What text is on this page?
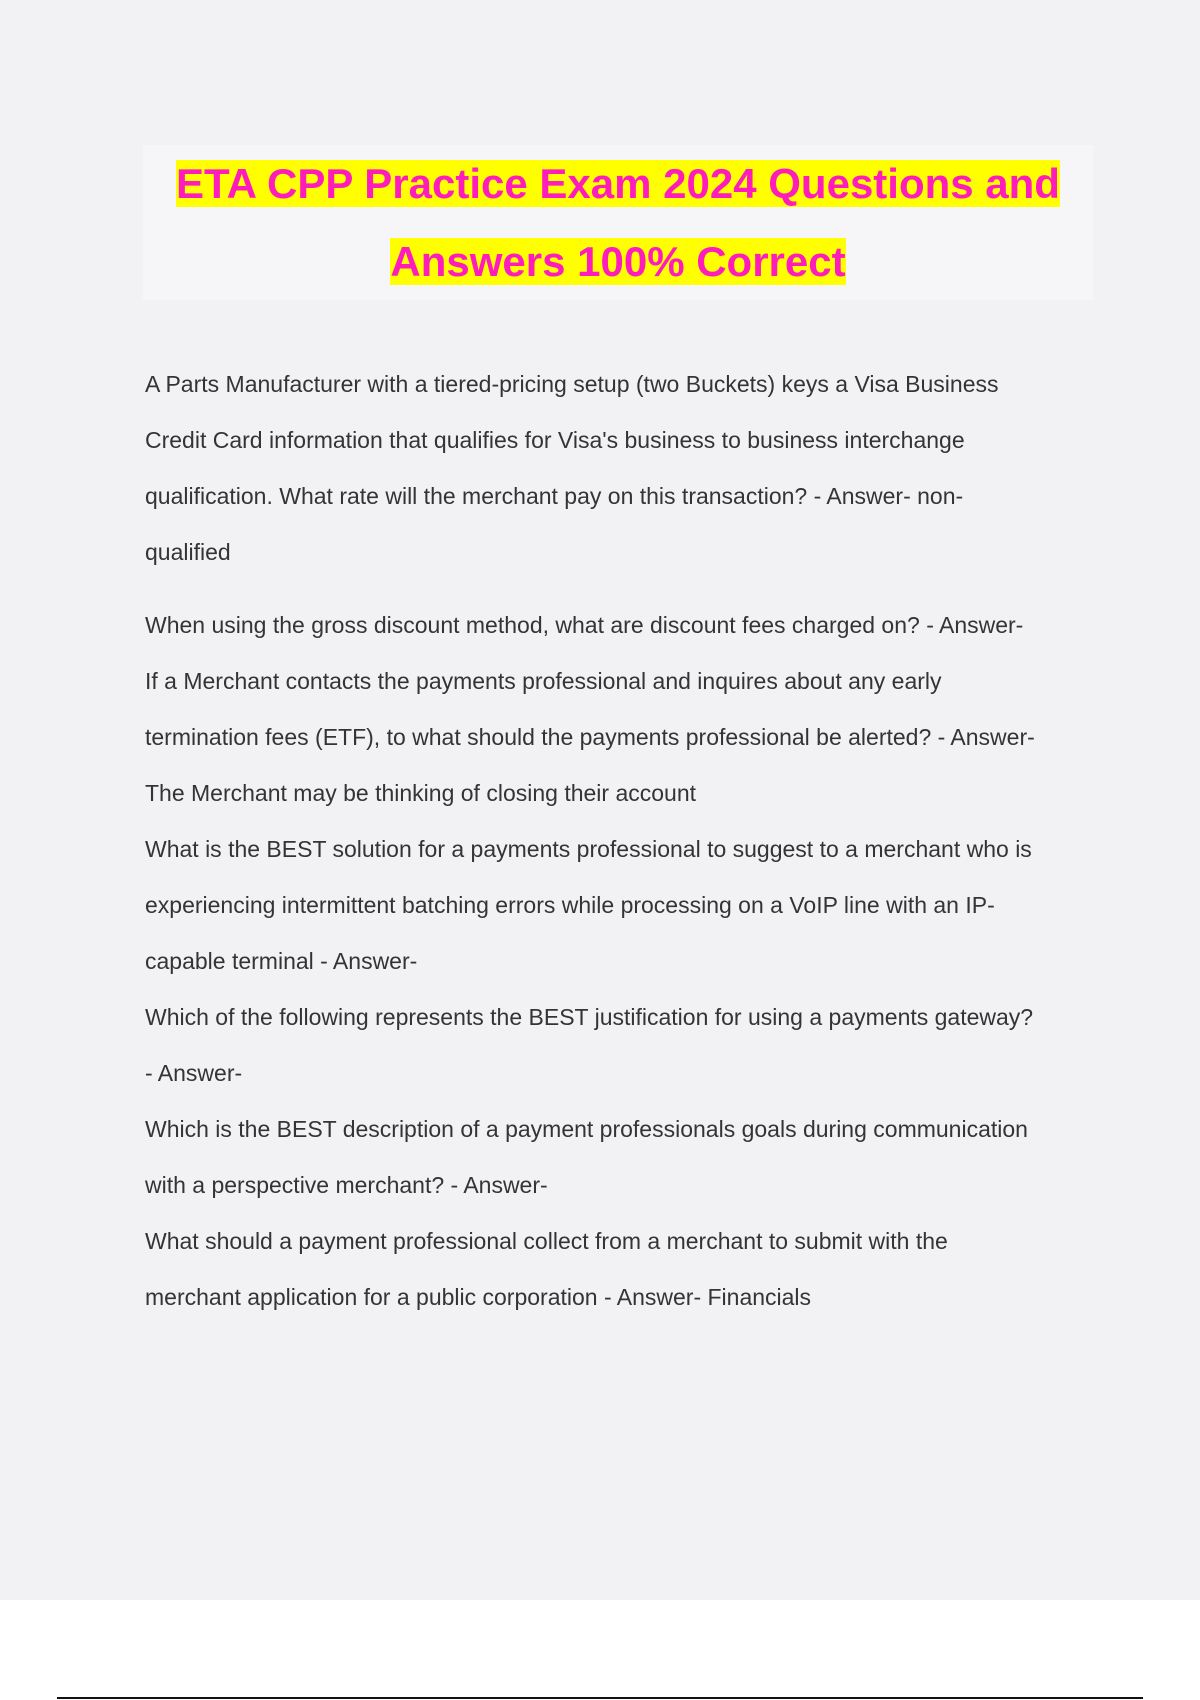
ETA CPP Practice Exam 2024 Questions and
Answers 100% Correct

A Parts Manufacturer with a tiered-pricing setup (two Buckets) keys a Visa Business

Credit Card information that qualifies for Visa's business to business interchange

qualification. What rate will the merchant pay on this transaction? - Answer- non-

qualified

When using the gross discount method, what are discount fees charged on? - Answer-

If a Merchant contacts the payments professional and inquires about any early

termination fees (ETF), to what should the payments professional be alerted? - Answer-

The Merchant may be thinking of closing their account

What is the BEST solution for a payments professional to suggest to a merchant who is

experiencing intermittent batching errors while processing on a VoIP line with an IP-

capable terminal - Answer-

Which of the following represents the BEST justification for using a payments gateway?

- Answer-

Which is the BEST description of a payment professionals goals during communication

with a perspective merchant? - Answer-

What should a payment professional collect from a merchant to submit with the

merchant application for a public corporation - Answer- Financials
